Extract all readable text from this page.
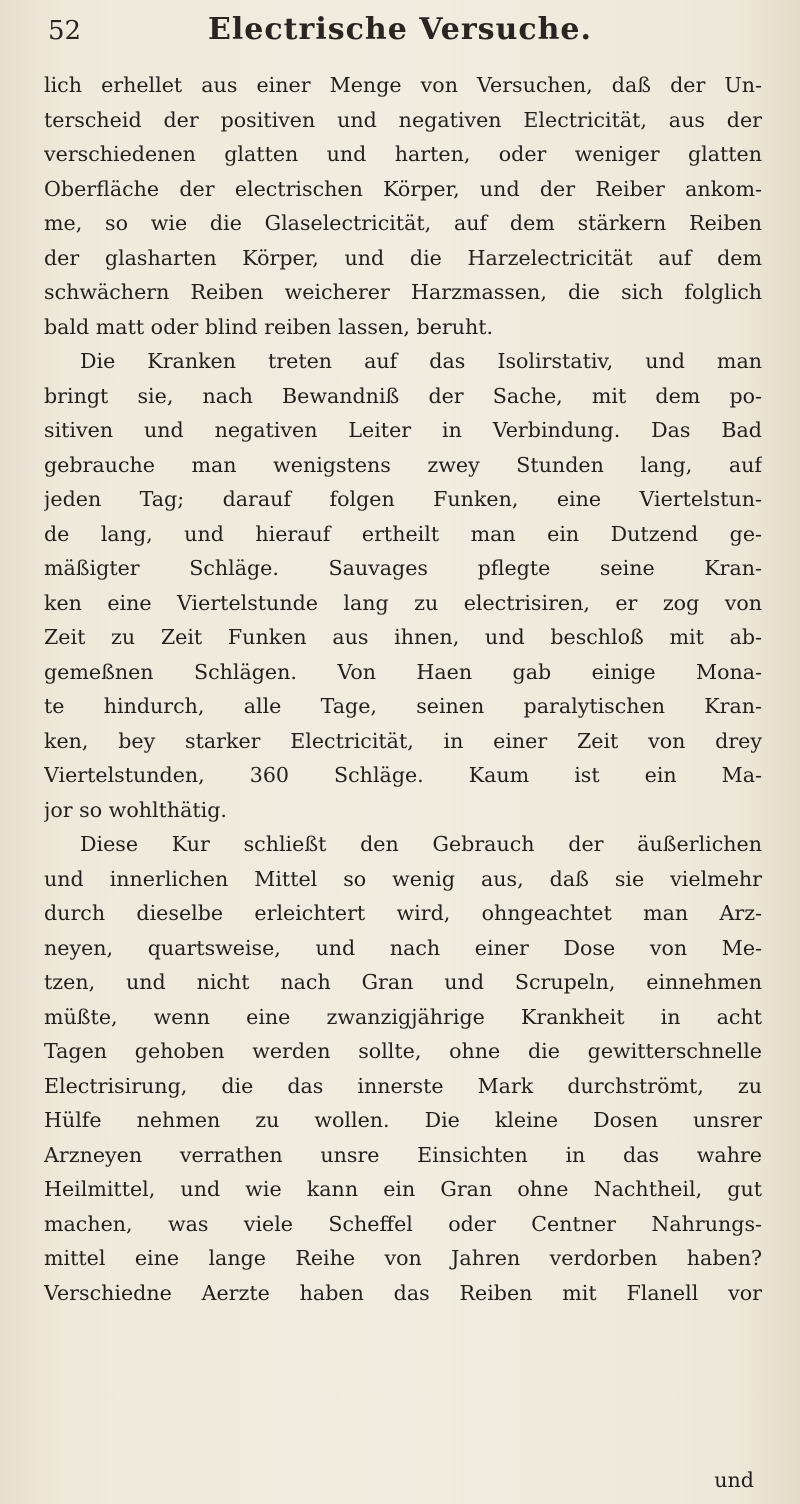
52	Electrische Versuche.
lich erhellet aus einer Menge von Versuchen, daß der Un-
terscheid der positiven und negativen Electricität, aus der
verschiedenen glatten und harten, oder weniger glatten
Oberfläche der electrischen Körper, und der Reiber ankom-
me, so wie die Glaselectricität, auf dem stärkern Reiben
der glasharten Körper, und die Harzelectricität auf dem
schwächern Reiben weicherer Harzmassen, die sich folglich
bald matt oder blind reiben lassen, beruht.
Die Kranken treten auf das Isolirstativ, und man
bringt sie, nach Bewandniß der Sache, mit dem po-
sitiven und negativen Leiter in Verbindung. Das Bad
gebrauche man wenigstens zwey Stunden lang, auf
jeden Tag; darauf folgen Funken, eine Viertelstun-
de lang, und hierauf ertheilt man ein Dutzend ge-
mäßigter Schläge. Sauvages pflegte seine Kran-
ken eine Viertelstunde lang zu electrisiren, er zog von
Zeit zu Zeit Funken aus ihnen, und beschloß mit ab-
gemeßnen Schlägen. Von Haen gab einige Mona-
te hindurch, alle Tage, seinen paralytischen Kran-
ken, bey starker Electricität, in einer Zeit von drey
Viertelstunden, 360 Schläge. Kaum ist ein Ma-
jor so wohlthätig.
Diese Kur schließt den Gebrauch der äußerlichen
und innerlichen Mittel so wenig aus, daß sie vielmehr
durch dieselbe erleichtert wird, ohngeachtet man Arz-
neyen, quartsweise, und nach einer Dose von Me-
tzen, und nicht nach Gran und Scrupeln, einnehmen
müßte, wenn eine zwanzigjährige Krankheit in acht
Tagen gehoben werden sollte, ohne die gewitterschnelle
Electrisirung, die das innerste Mark durchströmt, zu
Hülfe nehmen zu wollen. Die kleine Dosen unsrer
Arzneyen verrathen unsre Einsichten in das wahre
Heilmittel, und wie kann ein Gran ohne Nachtheil, gut
machen, was viele Scheffel oder Centner Nahrungs-
mittel eine lange Reihe von Jahren verdorben haben?
Verschiedne Aerzte haben das Reiben mit Flanell vor
und
